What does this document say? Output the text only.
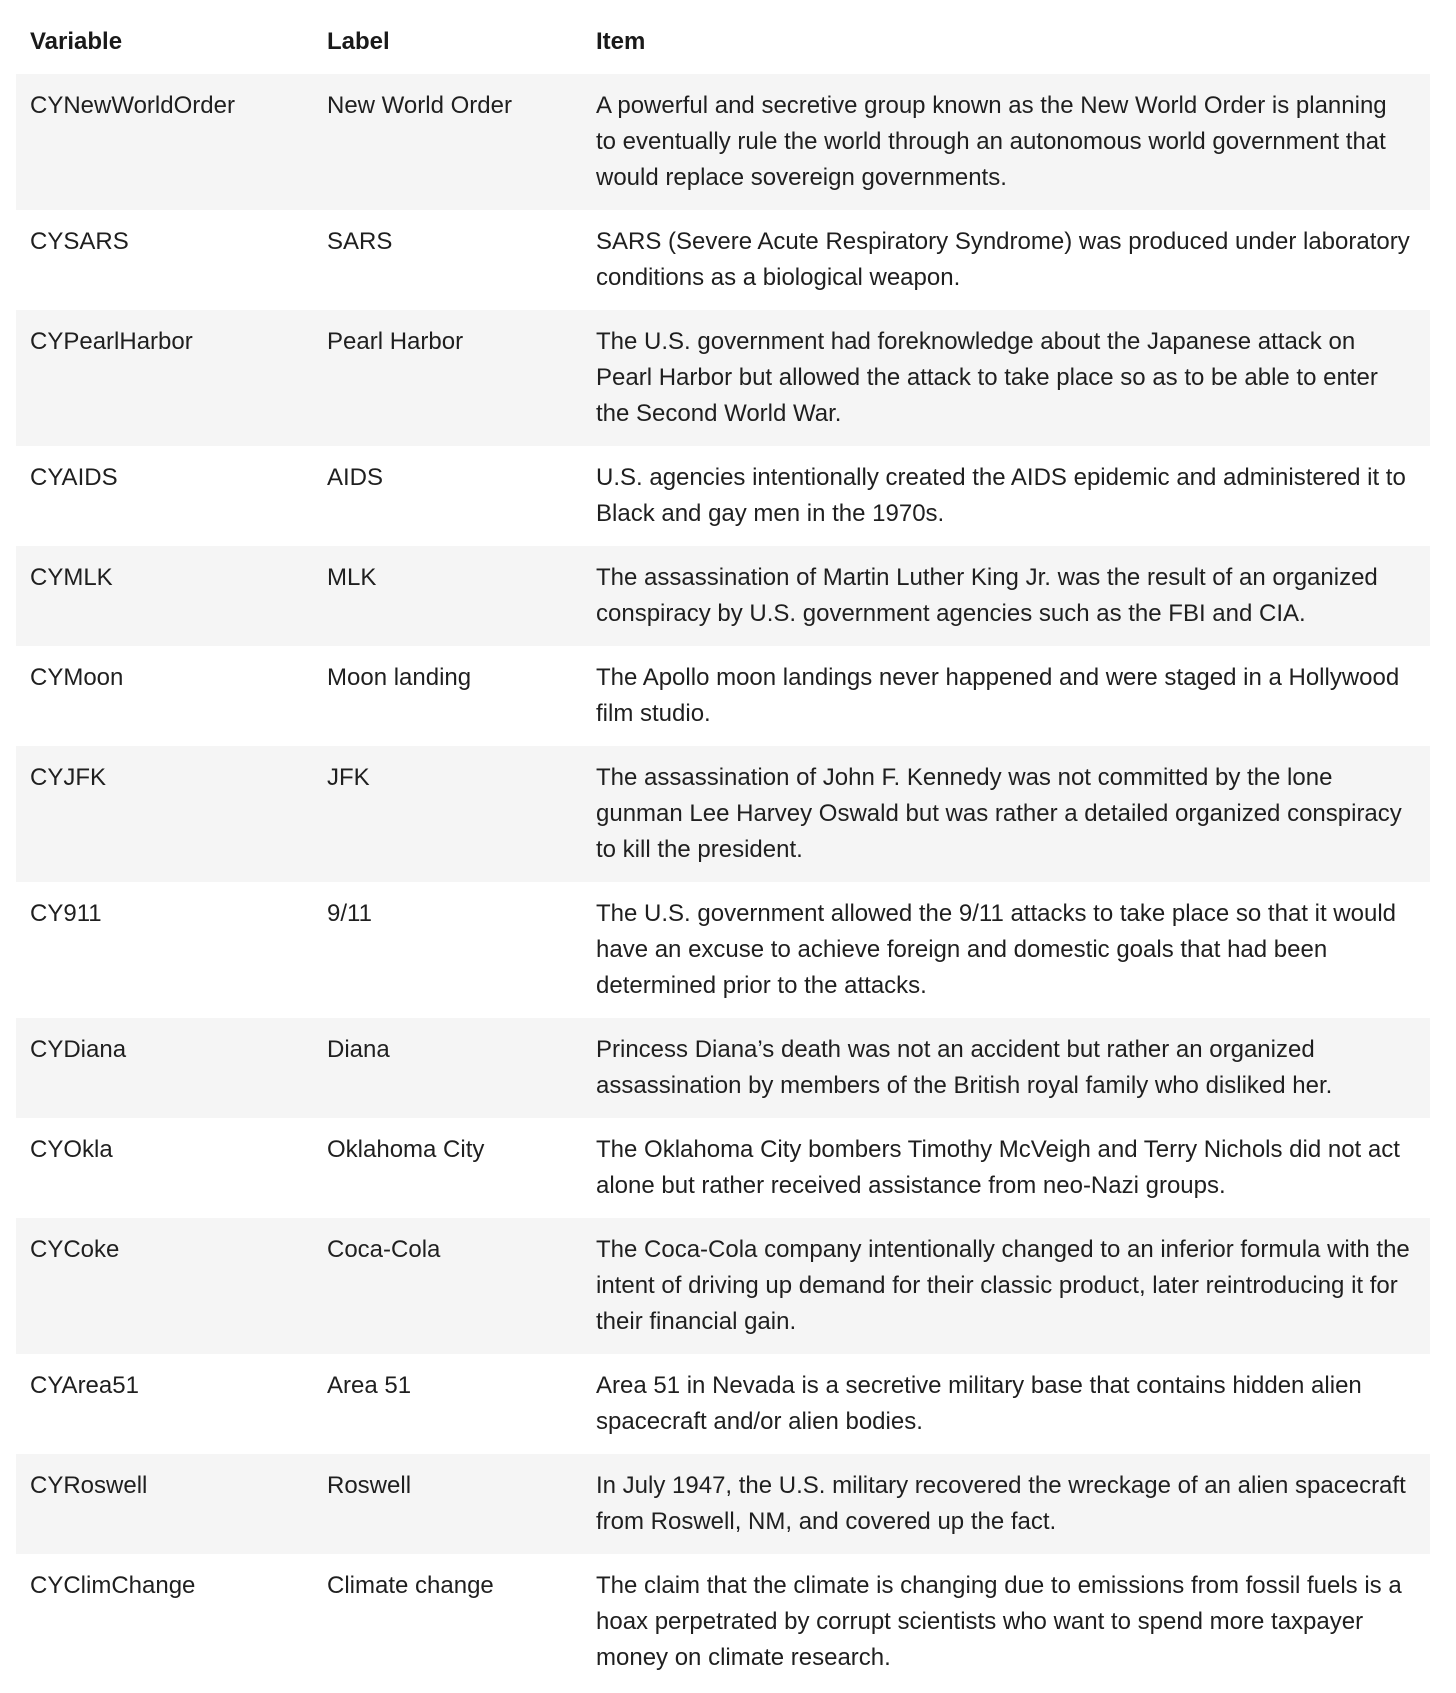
Variable	Label	Item
CYNewWorldOrder	New World Order	A powerful and secretive group known as the New World Order is planning to eventually rule the world through an autonomous world government that would replace sovereign governments.
CYSARS	SARS	SARS (Severe Acute Respiratory Syndrome) was produced under laboratory conditions as a biological weapon.
CYPearlHarbor	Pearl Harbor	The U.S. government had foreknowledge about the Japanese attack on Pearl Harbor but allowed the attack to take place so as to be able to enter the Second World War.
CYAIDS	AIDS	U.S. agencies intentionally created the AIDS epidemic and administered it to Black and gay men in the 1970s.
CYMLK	MLK	The assassination of Martin Luther King Jr. was the result of an organized conspiracy by U.S. government agencies such as the FBI and CIA.
CYMoon	Moon landing	The Apollo moon landings never happened and were staged in a Hollywood film studio.
CYJFK	JFK	The assassination of John F. Kennedy was not committed by the lone gunman Lee Harvey Oswald but was rather a detailed organized conspiracy to kill the president.
CY911	9/11	The U.S. government allowed the 9/11 attacks to take place so that it would have an excuse to achieve foreign and domestic goals that had been determined prior to the attacks.
CYDiana	Diana	Princess Diana’s death was not an accident but rather an organized assassination by members of the British royal family who disliked her.
CYOkla	Oklahoma City	The Oklahoma City bombers Timothy McVeigh and Terry Nichols did not act alone but rather received assistance from neo-Nazi groups.
CYCoke	Coca-Cola	The Coca-Cola company intentionally changed to an inferior formula with the intent of driving up demand for their classic product, later reintroducing it for their financial gain.
CYArea51	Area 51	Area 51 in Nevada is a secretive military base that contains hidden alien spacecraft and/or alien bodies.
CYRoswell	Roswell	In July 1947, the U.S. military recovered the wreckage of an alien spacecraft from Roswell, NM, and covered up the fact.
CYClimChange	Climate change	The claim that the climate is changing due to emissions from fossil fuels is a hoax perpetrated by corrupt scientists who want to spend more taxpayer money on climate research.
